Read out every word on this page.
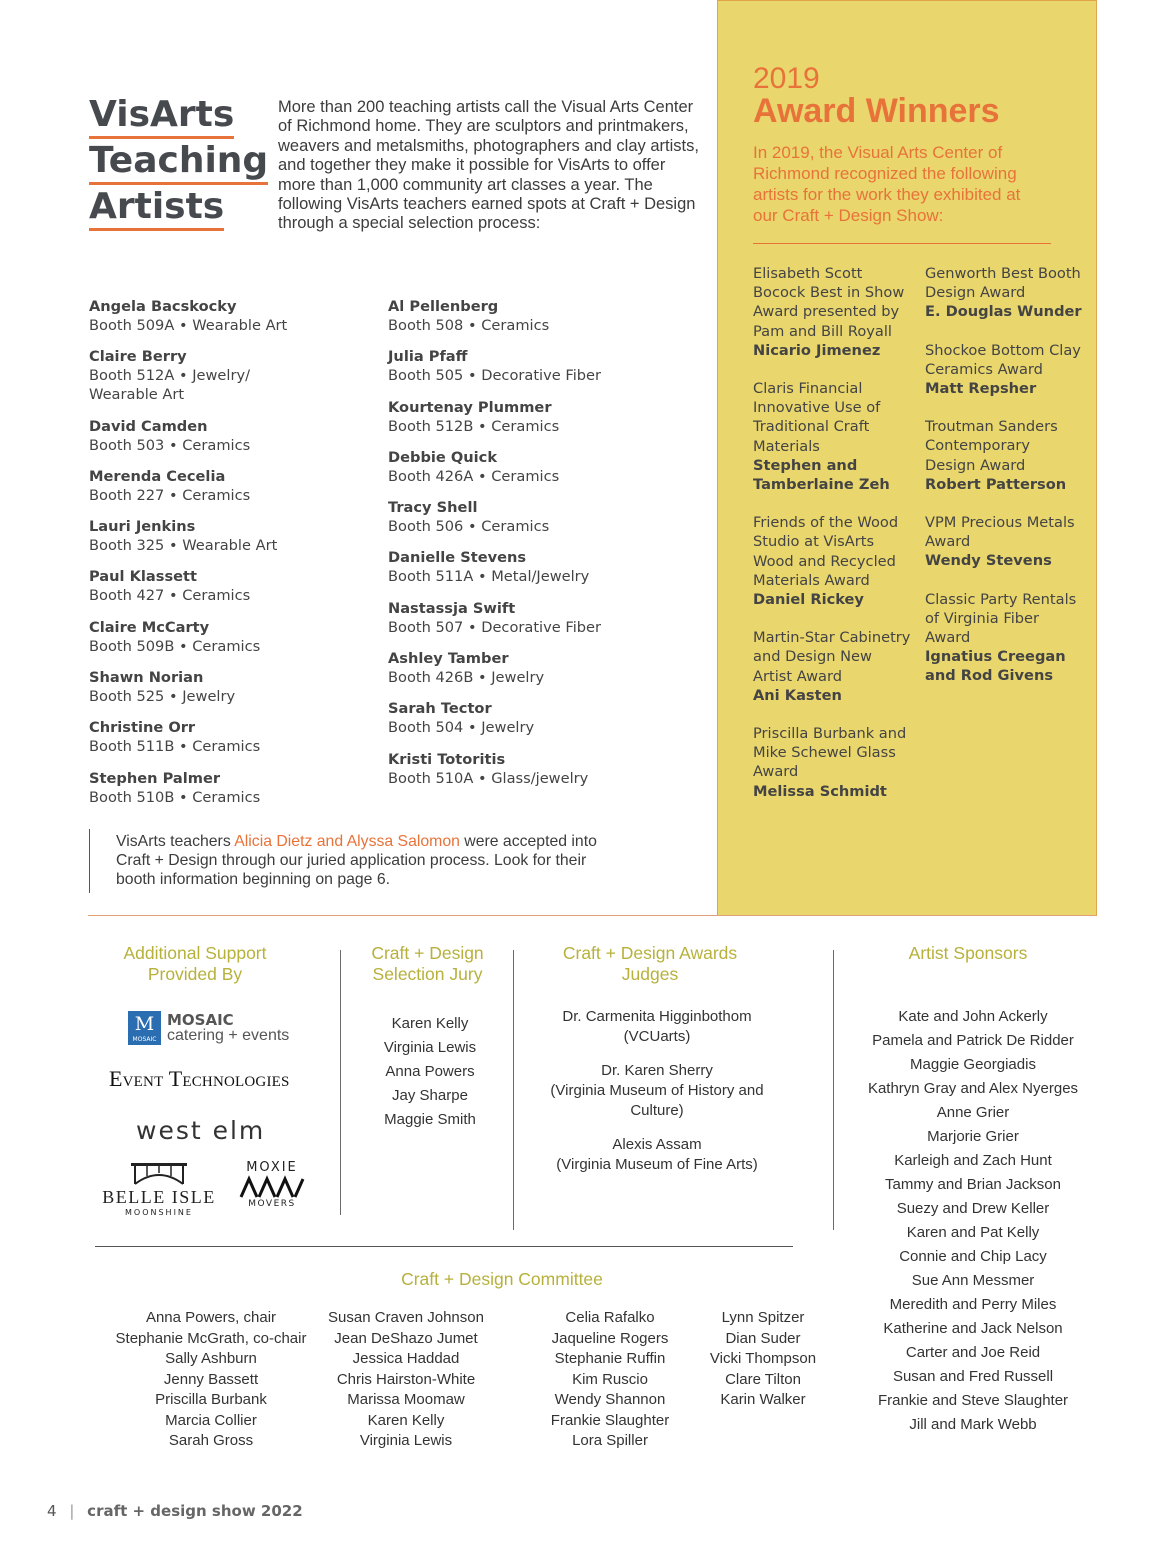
VisArts
Teaching
Artists
More than 200 teaching artists call the Visual Arts Center of Richmond home. They are sculptors and printmakers, weavers and metalsmiths, photographers and clay artists, and together they make it possible for VisArts to offer more than 1,000 community art classes a year. The following VisArts teachers earned spots at Craft + Design through a special selection process:
Angela Bacskocky
Booth 509A • Wearable Art
Claire Berry
Booth 512A • Jewelry/
Wearable Art
David Camden
Booth 503 • Ceramics
Merenda Cecelia
Booth 227 • Ceramics
Lauri Jenkins
Booth 325 • Wearable Art
Paul Klassett
Booth 427 • Ceramics
Claire McCarty
Booth 509B • Ceramics
Shawn Norian
Booth 525 • Jewelry
Christine Orr
Booth 511B • Ceramics
Stephen Palmer
Booth 510B • Ceramics
Al Pellenberg
Booth 508 • Ceramics
Julia Pfaff
Booth 505 • Decorative Fiber
Kourtenay Plummer
Booth 512B • Ceramics
Debbie Quick
Booth 426A • Ceramics
Tracy Shell
Booth 506 • Ceramics
Danielle Stevens
Booth 511A • Metal/Jewelry
Nastassja Swift
Booth 507 • Decorative Fiber
Ashley Tamber
Booth 426B • Jewelry
Sarah Tector
Booth 504 • Jewelry
Kristi Totoritis
Booth 510A • Glass/jewelry
VisArts teachers Alicia Dietz and Alyssa Salomon were accepted into Craft + Design through our juried application process. Look for their booth information beginning on page 6.
2019
Award Winners
In 2019, the Visual Arts Center of Richmond recognized the following artists for the work they exhibited at our Craft + Design Show:
Elisabeth Scott Bocock Best in Show Award presented by Pam and Bill Royall
Nicario Jimenez
Claris Financial Innovative Use of Traditional Craft Materials
Stephen and Tamberlaine Zeh
Friends of the Wood Studio at VisArts Wood and Recycled Materials Award
Daniel Rickey
Martin-Star Cabinetry and Design New Artist Award
Ani Kasten
Priscilla Burbank and Mike Schewel Glass Award
Melissa Schmidt
Genworth Best Booth Design Award
E. Douglas Wunder
Shockoe Bottom Clay Ceramics Award
Matt Repsher
Troutman Sanders Contemporary Design Award
Robert Patterson
VPM Precious Metals Award
Wendy Stevens
Classic Party Rentals of Virginia Fiber Award
Ignatius Creegan and Rod Givens
Additional Support Provided By
M
MOSAIC
MOSAIC
catering + events
Event Technologies
west elm
BELLE ISLE
MOONSHINE
MOXIE
MOVERS
Craft + Design Selection Jury
Karen Kelly
Virginia Lewis
Anna Powers
Jay Sharpe
Maggie Smith
Craft + Design Awards Judges
Dr. Carmenita Higginbothom
(VCUarts)
Dr. Karen Sherry
(Virginia Museum of History and Culture)
Alexis Assam
(Virginia Museum of Fine Arts)
Artist Sponsors
Kate and John Ackerly
Pamela and Patrick De Ridder
Maggie Georgiadis
Kathryn Gray and Alex Nyerges
Anne Grier
Marjorie Grier
Karleigh and Zach Hunt
Tammy and Brian Jackson
Suezy and Drew Keller
Karen and Pat Kelly
Connie and Chip Lacy
Sue Ann Messmer
Meredith and Perry Miles
Katherine and Jack Nelson
Carter and Joe Reid
Susan and Fred Russell
Frankie and Steve Slaughter
Jill and Mark Webb
Craft + Design Committee
Anna Powers, chair
Stephanie McGrath, co-chair
Sally Ashburn
Jenny Bassett
Priscilla Burbank
Marcia Collier
Sarah Gross
Susan Craven Johnson
Jean DeShazo Jumet
Jessica Haddad
Chris Hairston-White
Marissa Moomaw
Karen Kelly
Virginia Lewis
Celia Rafalko
Jaqueline Rogers
Stephanie Ruffin
Kim Ruscio
Wendy Shannon
Frankie Slaughter
Lora Spiller
Lynn Spitzer
Dian Suder
Vicki Thompson
Clare Tilton
Karin Walker
4 | craft + design show 2022
